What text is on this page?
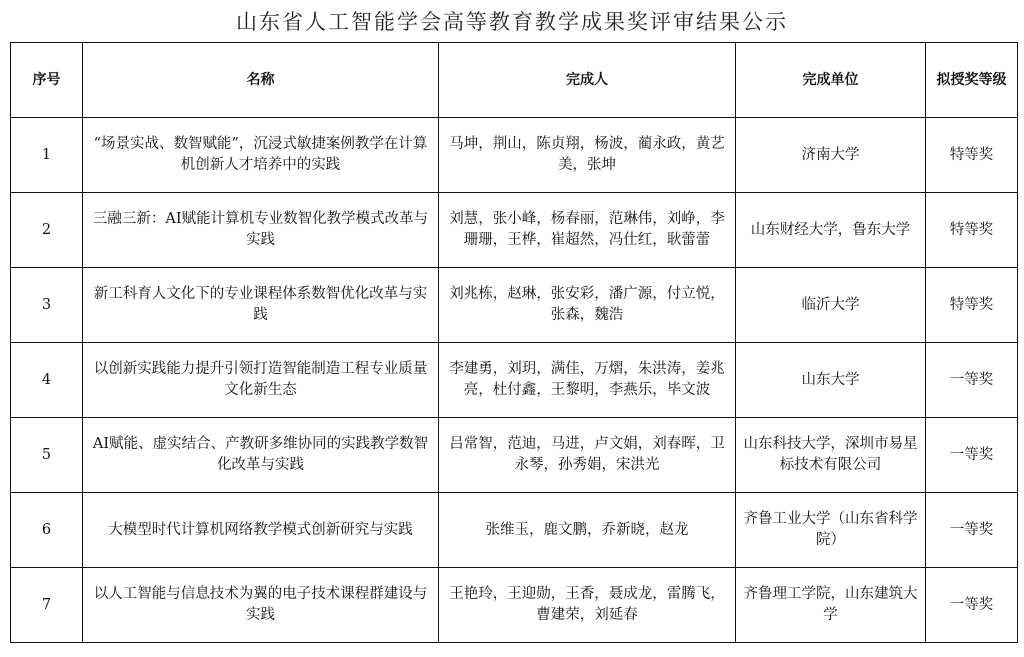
山东省人工智能学会高等教育教学成果奖评审结果公示
序号	名称	完成人	完成单位	拟授奖等级
1	“场景实战、数智赋能”，沉浸式敏捷案例教学在计算机创新人才培养中的实践	马坤，荆山，陈贞翔，杨波，蔺永政，黄艺美，张坤	济南大学	特等奖
2	三融三新：AI赋能计算机专业数智化教学模式改革与实践	刘慧，张小峰，杨春丽，范琳伟，刘峥，李珊珊，王桦，崔超然，冯仕红，耿蕾蕾	山东财经大学，鲁东大学	特等奖
3	新工科育人文化下的专业课程体系数智优化改革与实践	刘兆栋，赵琳，张安彩，潘广源，付立悦，张森，魏浩	临沂大学	特等奖
4	以创新实践能力提升引领打造智能制造工程专业质量文化新生态	李建勇，刘玥，满佳，万熠，朱洪涛，姜兆亮，杜付鑫，王黎明，李燕乐，毕文波	山东大学	一等奖
5	AI赋能、虚实结合、产教研多维协同的实践教学数智化改革与实践	吕常智，范迪，马进，卢文娟，刘春晖，卫永琴，孙秀娟，宋洪光	山东科技大学，深圳市易星标技术有限公司	一等奖
6	大模型时代计算机网络教学模式创新研究与实践	张维玉，鹿文鹏，乔新晓，赵龙	齐鲁工业大学（山东省科学院）	一等奖
7	以人工智能与信息技术为翼的电子技术课程群建设与实践	王艳玲，王迎勋，王香，聂成龙，雷腾飞，曹建荣，刘延春	齐鲁理工学院，山东建筑大学	一等奖
